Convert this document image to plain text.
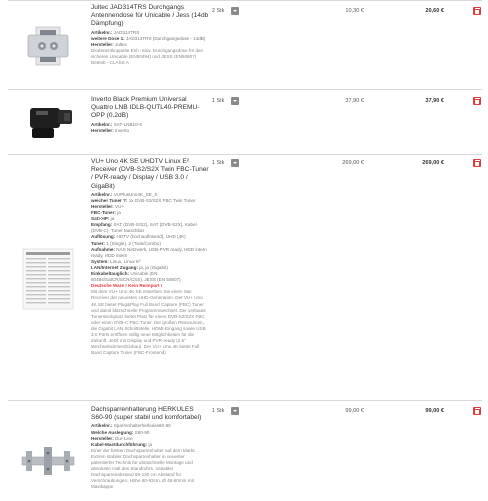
Jultec JAD314TRS Durchgangs Antennendose für Unicable / Jess (14db Dämpfung)
Artikelnr.: JAD314TRS
weitere Dose 1: JAD314TRS (Durchgangsdose - 14dB)
Hersteller: Jultec
Diodenentkoppelte Enh.-Sow. Durchgangsdose für den sicheren Unicable (EN50494) und JESS (EN50607) Betrieb - CLASS A
2 Stk	10,30 €	20,60 €
Inverto Black Premium Universal Quattro LNB IDLB-QUTL40-PREMU-OPP (0,2dB)
Artikelnr.: SAT-LNB10-S
Hersteller: Inverto
1 Stk	37,90 €	37,90 €
VU+ Uno 4K SE UHDTV Linux E² Receiver (DVB-S2/S2X Twin FBC-Tuner / PVR-ready / Display / USB 3.0 / GigaBit)
Artikelnr.: VUPlusUno4K_SE_S
weicher Tuner ?: 1x DVB-S2/S2X FBC Twin Tuner
Hersteller: VU+
FBC-Tuner: ja
Sat>>IP: ja
Empfang: SAT (DVB-S/S2), SAT (DVB-S2X), Kabel (DVB-C), Tuner tauschbar
Auflösung: HDTV (hochauflösend), UHD (4K)
Tuner: 1 (Single), 2 (Twin/Combo)
Aufnahme: NAS Netzwerk, USB-PVR ready, HDD intern ready, HDD intern
System: Linux, Linux E²
LAN/Internet Zugang: ja, ja (Gigabit)
Einkabeltauglich: Unicable (EN 50494/SatCR/SCR/CSS), JESS (EN 50607)
Deutsche Ware ! Kein Reimport !
Mit dem VU+ Uno 4K SE erwerben Sie einen Sat-Receiver der neuesten UHD-Generation. Der VU+ Uno 4K SE bietet Plug&Play Full Band Capture (FBC) Tuner und damit blitzschnelle Programmwechsel. Der verbaute Tunersteckplatz bietet Platz für einen DVB-S2/S2X FBC oder einen DVB-C FBC Tuner. Die großen Ressourcen, die Gigabit LAN Schnittstelle, HDMI-Eingang sowie USB 3.0 Ports eröffnen völlig neue Möglichkeiten für die Zukunft. Jetzt mit Display und PVR-ready (2.5" Wechselrahmen/Einbau). Der VU+ Uno 4K bietet Full Band Capture Tuner (FBC-Frontend)
1 Stk	269,00 €	269,00 €
Dachsparrenhalterung HERKULES S60-90 (super stabil und komfortabel)
Artikelnr.: Sparrenhalterherkules60-90
Welche Auslegung: S60-90
Hersteller: Dur-Line
Kabel-Mastdurchführung: ja
Einer der besten Dachsparrenhalter auf dem Markt. Extrem stabiler Dachsparrenhalter in neuester patentierter Technik für ultraschnelle Montage und absoluten Halt des Standrohrs. Variabler Dachsparrenabstand 55-130 cm Abstand für Verschraubungen. Höhe 80-93cm, Ø 48-60mm mit Maxikappe.
1 Stk	99,00 €	99,00 €
